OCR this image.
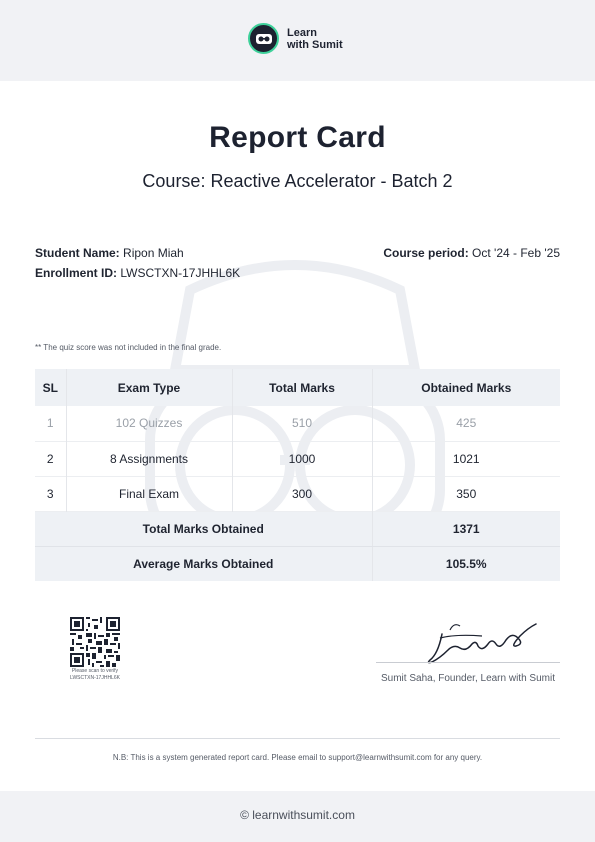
Learn
with Sumit
Report Card
Course: Reactive Accelerator - Batch 2
Student Name: Ripon Miah
Enrollment ID: LWSCTXN-17JHHL6K
Course period: Oct '24 - Feb '25
** The quiz score was not included in the final grade.
SL	Exam Type	Total Marks	Obtained Marks
1	102 Quizzes	510	425
2	8 Assignments	1000	1021
3	Final Exam	300	350
Total Marks Obtained			1371
Average Marks Obtained			105.5%
Please scan to verify
LWSCTXN-17JHHL6K	Sumit Saha, Founder, Learn with Sumit
N.B: This is a system generated report card. Please email to support@learnwithsumit.com for any query.
© learnwithsumit.com
